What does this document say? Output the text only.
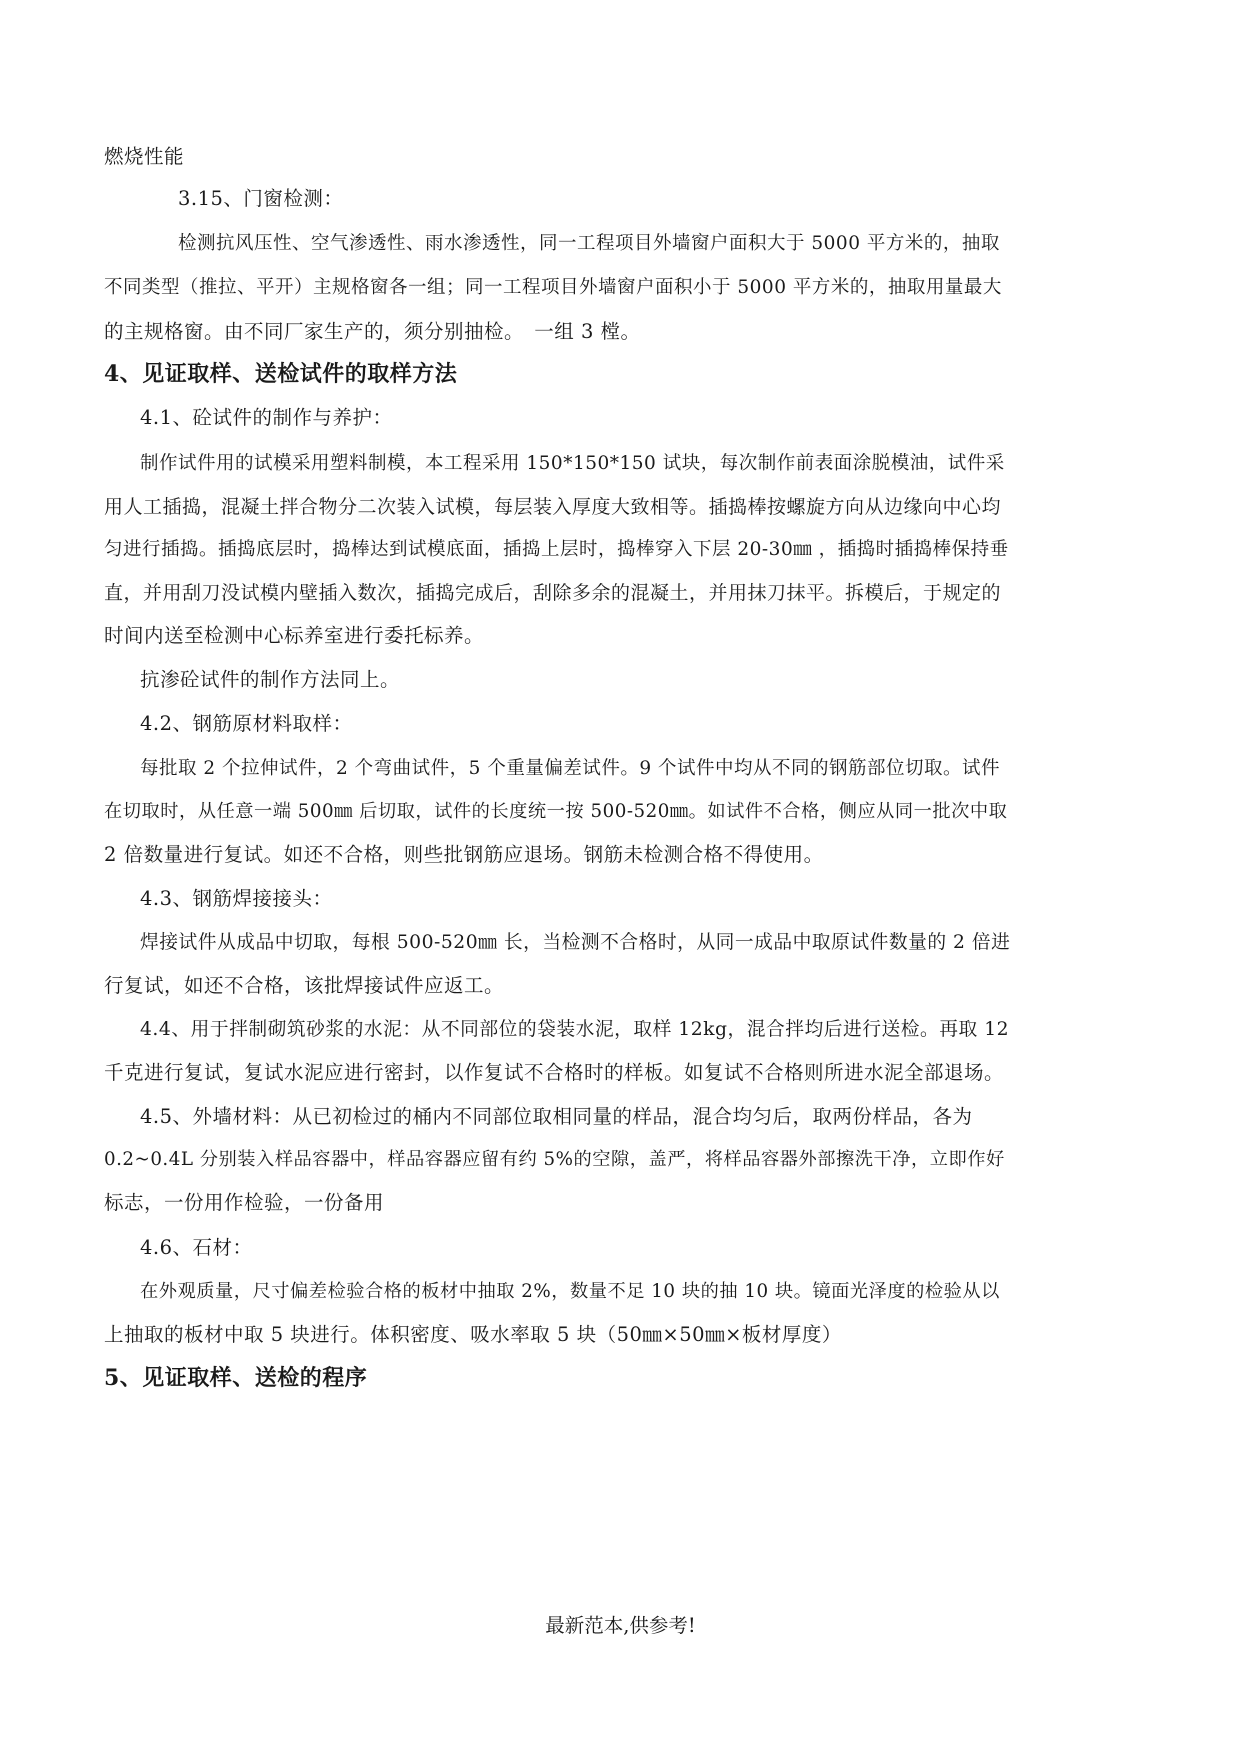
燃烧性能
3.15、门窗检测：
检测抗风压性、空气渗透性、雨水渗透性，同一工程项目外墙窗户面积大于 5000 平方米的，抽取
不同类型（推拉、平开）主规格窗各一组；同一工程项目外墙窗户面积小于 5000 平方米的，抽取用量最大
的主规格窗。由不同厂家生产的，须分别抽检。　一组 3 樘。
4、见证取样、送检试件的取样方法
4.1、砼试件的制作与养护：
制作试件用的试模采用塑料制模，本工程采用 150*150*150 试块，每次制作前表面涂脱模油，试件采
用人工插捣，混凝土拌合物分二次装入试模，每层装入厚度大致相等。插捣棒按螺旋方向从边缘向中心均
匀进行插捣。插捣底层时，捣棒达到试模底面，插捣上层时，捣棒穿入下层 20-30㎜ ，插捣时插捣棒保持垂
直，并用刮刀没试模内壁插入数次，插捣完成后，刮除多余的混凝土，并用抹刀抹平。拆模后，于规定的
时间内送至检测中心标养室进行委托标养。
抗渗砼试件的制作方法同上。
4.2、钢筋原材料取样：
每批取 2 个拉伸试件，2 个弯曲试件，5 个重量偏差试件。9 个试件中均从不同的钢筋部位切取。试件
在切取时，从任意一端 500㎜ 后切取，试件的长度统一按 500-520㎜。如试件不合格，侧应从同一批次中取
2 倍数量进行复试。如还不合格，则些批钢筋应退场。钢筋未检测合格不得使用。
4.3、钢筋焊接接头：
焊接试件从成品中切取，每根 500-520㎜ 长，当检测不合格时，从同一成品中取原试件数量的 2 倍进
行复试，如还不合格，该批焊接试件应返工。
4.4、用于拌制砌筑砂浆的水泥：从不同部位的袋装水泥，取样 12kg，混合拌均后进行送检。再取 12
千克进行复试，复试水泥应进行密封，以作复试不合格时的样板。如复试不合格则所进水泥全部退场。
4.5、外墙材料：从已初检过的桶内不同部位取相同量的样品，混合均匀后，取两份样品，各为
0.2~0.4L 分别装入样品容器中，样品容器应留有约 5%的空隙，盖严，将样品容器外部擦洗干净，立即作好
标志，一份用作检验，一份备用
4.6、石材：
在外观质量，尺寸偏差检验合格的板材中抽取 2%，数量不足 10 块的抽 10 块。镜面光泽度的检验从以
上抽取的板材中取 5 块进行。体积密度、吸水率取 5 块（50㎜×50㎜×板材厚度）
5、见证取样、送检的程序
最新范本,供参考!
